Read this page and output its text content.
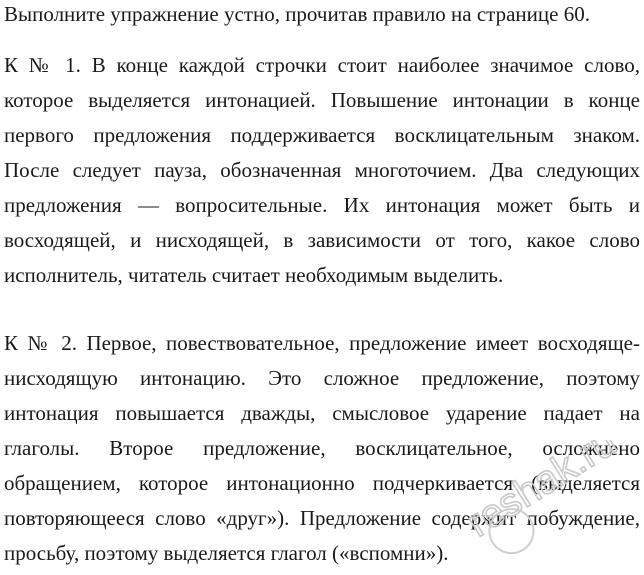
Выполните упражнение устно, прочитав правило на странице 60.
К № 1. В конце каждой строчки стоит наиболее значимое слово, которое выделяется интонацией. Повышение интонации в конце первого предложения поддерживается восклицательным знаком. После следует пауза, обозначенная многоточием. Два следующих предложения — вопросительные. Их интонация может быть и восходящей, и нисходящей, в зависимости от того, какое слово исполнитель, читатель считает необходимым выделить.
К № 2. Первое, повествовательное, предложение имеет восходяще-нисходящую интонацию. Это сложное предложение, поэтому интонация повышается дважды, смысловое ударение падает на глаголы. Второе предложение, восклицательное, осложнено обращением, которое интонационно подчеркивается (выделяется повторяющееся слово «друг»). Предложение содержит побуждение, просьбу, поэтому выделяется глагол («вспомни»).
reshak.ru
